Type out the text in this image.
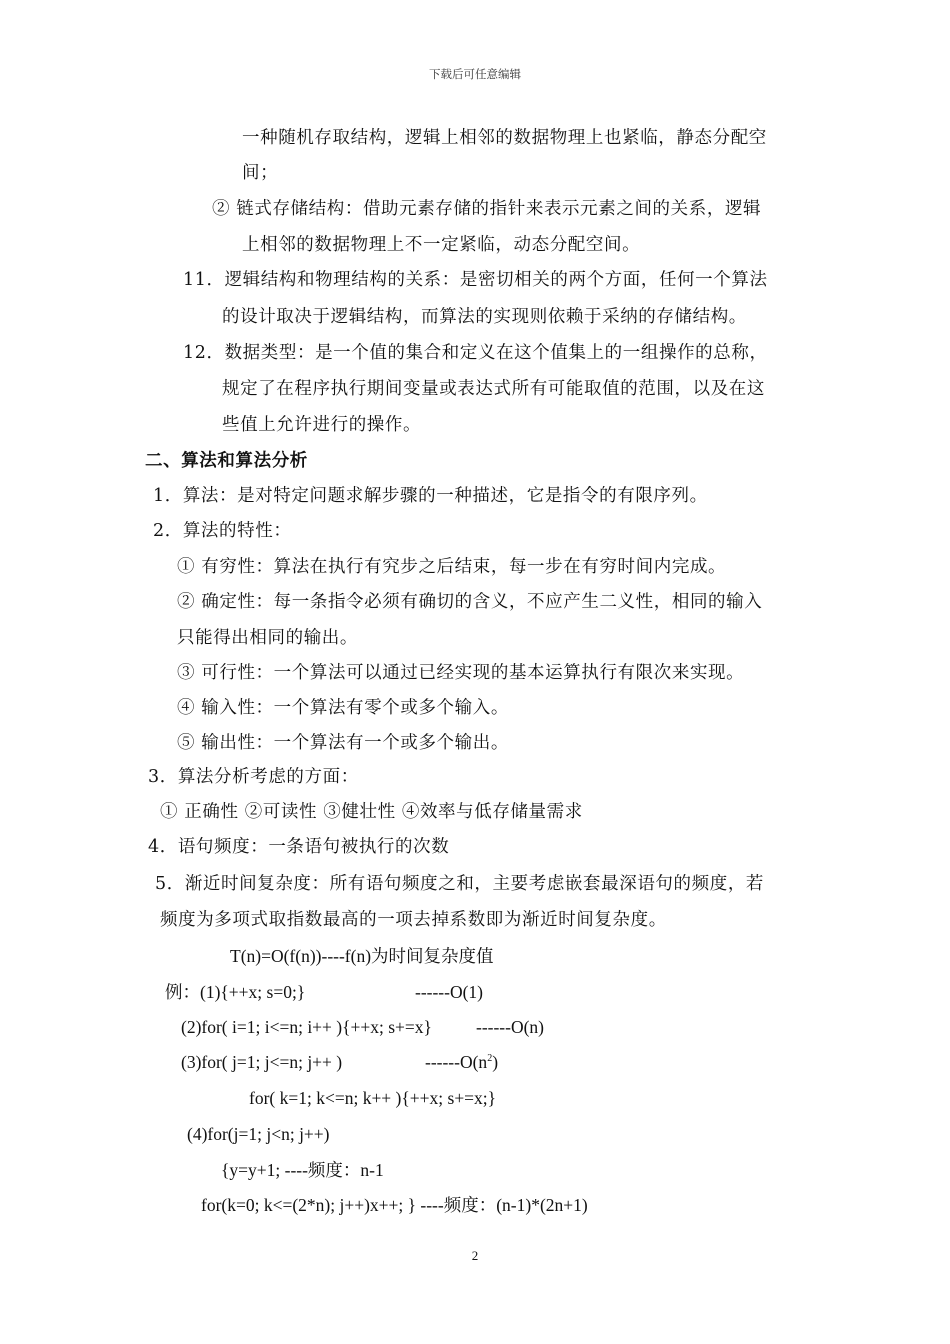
下载后可任意编辑
一种随机存取结构，逻辑上相邻的数据物理上也紧临，静态分配空
间；
② 链式存储结构：借助元素存储的指针来表示元素之间的关系，逻辑
上相邻的数据物理上不一定紧临，动态分配空间。
11．逻辑结构和物理结构的关系：是密切相关的两个方面，任何一个算法
的设计取决于逻辑结构，而算法的实现则依赖于采纳的存储结构。
12．数据类型：是一个值的集合和定义在这个值集上的一组操作的总称，
规定了在程序执行期间变量或表达式所有可能取值的范围，以及在这
些值上允许进行的操作。
二、算法和算法分析
1．算法：是对特定问题求解步骤的一种描述，它是指令的有限序列。
2．算法的特性：
① 有穷性：算法在执行有究步之后结束，每一步在有穷时间内完成。
② 确定性：每一条指令必须有确切的含义，不应产生二义性，相同的输入
只能得出相同的输出。
③ 可行性：一个算法可以通过已经实现的基本运算执行有限次来实现。
④ 输入性：一个算法有零个或多个输入。
⑤ 输出性：一个算法有一个或多个输出。
3．算法分析考虑的方面：
① 正确性 ②可读性 ③健壮性 ④效率与低存储量需求
4．语句频度：一条语句被执行的次数
5．渐近时间复杂度：所有语句频度之和，主要考虑嵌套最深语句的频度，若
频度为多项式取指数最高的一项去掉系数即为渐近时间复杂度。
T(n)=O(f(n))----f(n)为时间复杂度值
例：(1){++x; s=0;}	------O(1)
(2)for( i=1; i<=n; i++ ){++x; s+=x}	------O(n)
(3)for( j=1; j<=n; j++ )	$------O(n^2)$
for( k=1; k<=n; k++ ){++x; s+=x;}
(4)for(j=1; j<n; j++)
{y=y+1; ----频度：n-1
for(k=0; k<=(2*n); j++)x++; } ----频度：(n-1)*(2n+1)
2
